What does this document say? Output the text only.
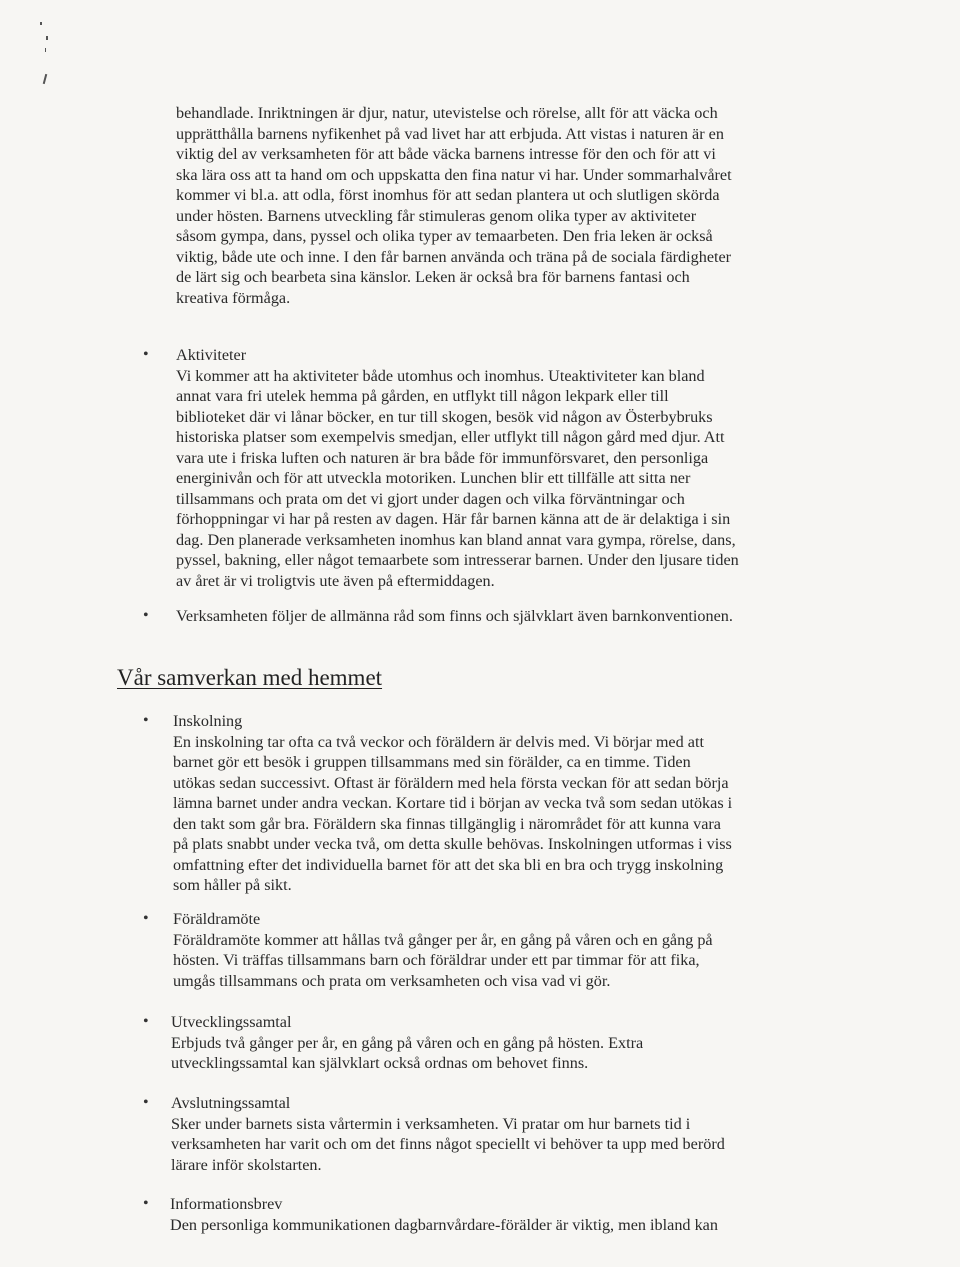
behandlade. Inriktningen är djur, natur, utevistelse och rörelse, allt för att väcka och
upprätthålla barnens nyfikenhet på vad livet har att erbjuda. Att vistas i naturen är en
viktig del av verksamheten för att både väcka barnens intresse för den och för att vi
ska lära oss att ta hand om och uppskatta den fina natur vi har. Under sommarhalvåret
kommer vi bl.a. att odla, först inomhus för att sedan plantera ut och slutligen skörda
under hösten. Barnens utveckling får stimuleras genom olika typer av aktiviteter
såsom gympa, dans, pyssel och olika typer av temaarbeten. Den fria leken är också
viktig, både ute och inne. I den får barnen använda och träna på de sociala färdigheter
de lärt sig och bearbeta sina känslor. Leken är också bra för barnens fantasi och
kreativa förmåga.
• Aktiviteter
Vi kommer att ha aktiviteter både utomhus och inomhus. Uteaktiviteter kan bland
annat vara fri utelek hemma på gården, en utflykt till någon lekpark eller till
biblioteket där vi lånar böcker, en tur till skogen, besök vid någon av Österbybruks
historiska platser som exempelvis smedjan, eller utflykt till någon gård med djur. Att
vara ute i friska luften och naturen är bra både för immunförsvaret, den personliga
energinivån och för att utveckla motoriken. Lunchen blir ett tillfälle att sitta ner
tillsammans och prata om det vi gjort under dagen och vilka förväntningar och
förhoppningar vi har på resten av dagen. Här får barnen känna att de är delaktiga i sin
dag. Den planerade verksamheten inomhus kan bland annat vara gympa, rörelse, dans,
pyssel, bakning, eller något temaarbete som intresserar barnen. Under den ljusare tiden
av året är vi troligtvis ute även på eftermiddagen.
• Verksamheten följer de allmänna råd som finns och självklart även barnkonventionen.
Vår samverkan med hemmet
• Inskolning
En inskolning tar ofta ca två veckor och föräldern är delvis med. Vi börjar med att
barnet gör ett besök i gruppen tillsammans med sin förälder, ca en timme. Tiden
utökas sedan successivt. Oftast är föräldern med hela första veckan för att sedan börja
lämna barnet under andra veckan. Kortare tid i början av vecka två som sedan utökas i
den takt som går bra. Föräldern ska finnas tillgänglig i närområdet för att kunna vara
på plats snabbt under vecka två, om detta skulle behövas. Inskolningen utformas i viss
omfattning efter det individuella barnet för att det ska bli en bra och trygg inskolning
som håller på sikt.
• Föräldramöte
Föräldramöte kommer att hållas två gånger per år, en gång på våren och en gång på
hösten. Vi träffas tillsammans barn och föräldrar under ett par timmar för att fika,
umgås tillsammans och prata om verksamheten och visa vad vi gör.
• Utvecklingssamtal
Erbjuds två gånger per år, en gång på våren och en gång på hösten. Extra
utvecklingssamtal kan självklart också ordnas om behovet finns.
• Avslutningssamtal
Sker under barnets sista vårtermin i verksamheten. Vi pratar om hur barnets tid i
verksamheten har varit och om det finns något speciellt vi behöver ta upp med berörd
lärare inför skolstarten.
• Informationsbrev
Den personliga kommunikationen dagbarnvårdare-förälder är viktig, men ibland kan
